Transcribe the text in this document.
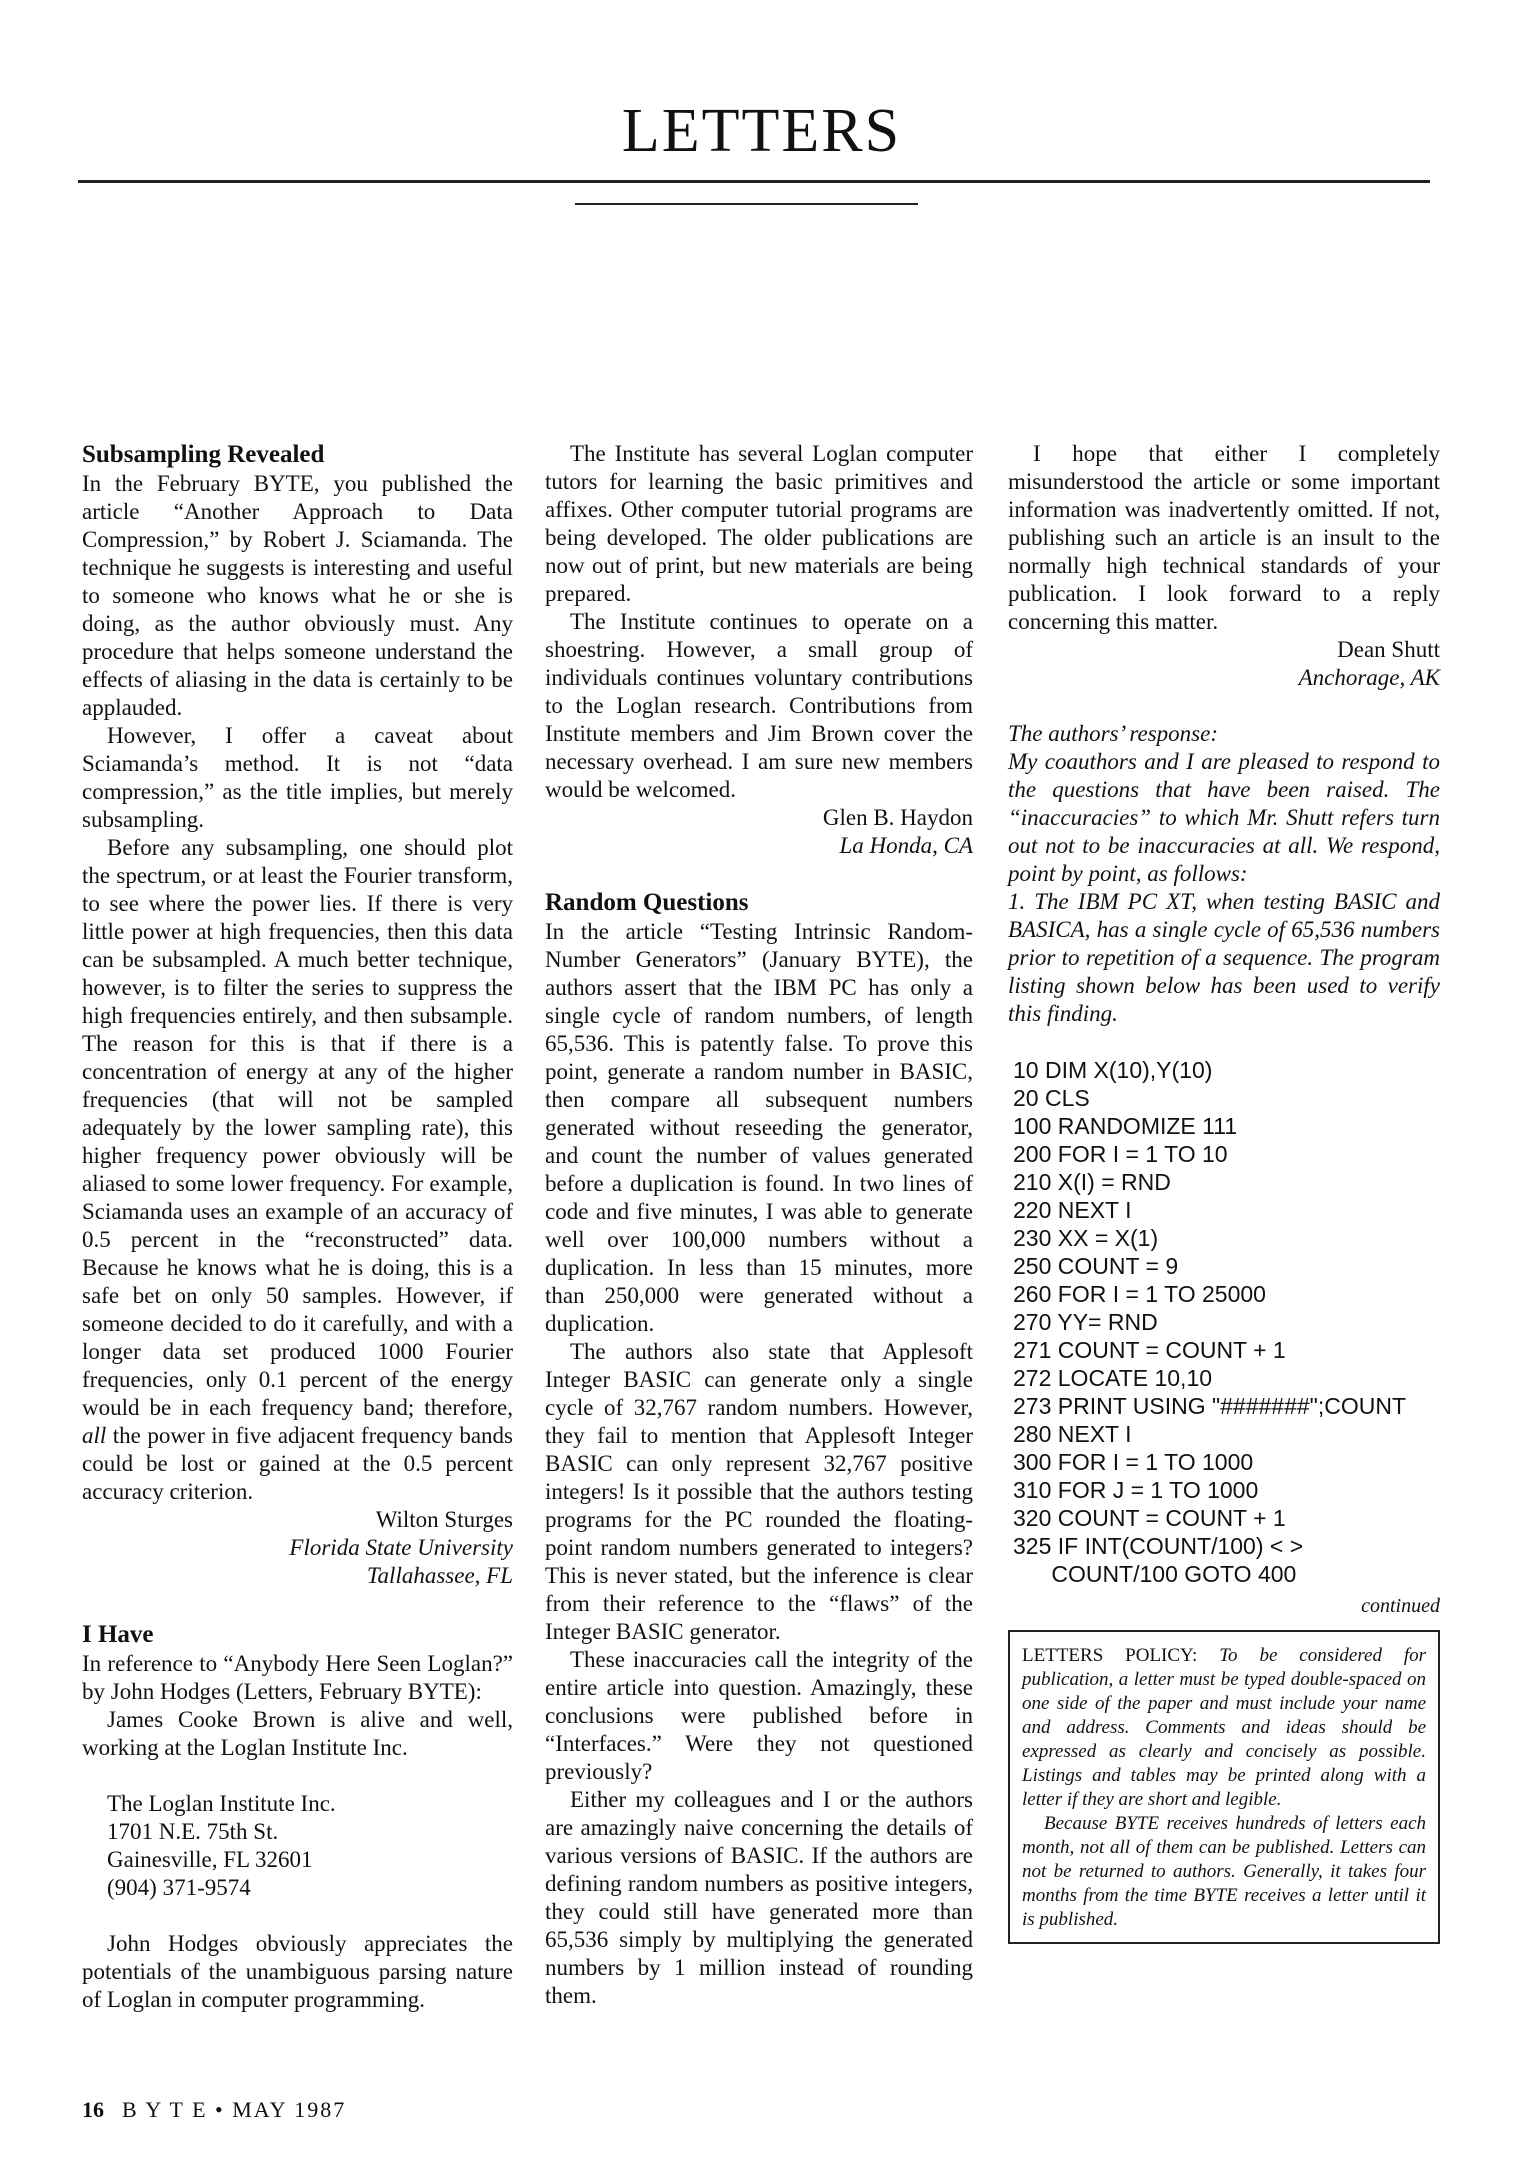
LETTERS
Subsampling Revealed

In the February BYTE, you published the article “Another Approach to Data Compression,” by Robert J. Sciamanda. The technique he suggests is interesting and useful to someone who knows what he or she is doing, as the author obviously must. Any procedure that helps someone understand the effects of aliasing in the data is certainly to be applauded.

However, I offer a caveat about Sciamanda’s method. It is not “data compression,” as the title implies, but merely subsampling.

Before any subsampling, one should plot the spectrum, or at least the Fourier transform, to see where the power lies. If there is very little power at high frequencies, then this data can be subsampled. A much better technique, however, is to filter the series to suppress the high frequencies entirely, and then subsample. The reason for this is that if there is a concentration of energy at any of the higher frequencies (that will not be sampled adequately by the lower sampling rate), this higher frequency power obviously will be aliased to some lower frequency. For example, Sciamanda uses an example of an accuracy of 0.5 percent in the “reconstructed” data. Because he knows what he is doing, this is a safe bet on only 50 samples. However, if someone decided to do it carefully, and with a longer data set produced 1000 Fourier frequencies, only 0.1 percent of the energy would be in each frequency band; therefore, all the power in five adjacent frequency bands could be lost or gained at the 0.5 percent accuracy criterion.

Wilton Sturges

Florida State University

Tallahassee, FL

I Have

In reference to “Anybody Here Seen Loglan?” by John Hodges (Letters, February BYTE):

James Cooke Brown is alive and well, working at the Loglan Institute Inc.

The Loglan Institute Inc.
1701 N.E. 75th St.
Gainesville, FL 32601
(904) 371-9574

John Hodges obviously appreciates the potentials of the unambiguous parsing nature of Loglan in computer programming.

The Institute has several Loglan computer tutors for learning the basic primitives and affixes. Other computer tutorial programs are being developed. The older publications are now out of print, but new materials are being prepared.

The Institute continues to operate on a shoestring. However, a small group of individuals continues voluntary contributions to the Loglan research. Contributions from Institute members and Jim Brown cover the necessary overhead. I am sure new members would be welcomed.

Glen B. Haydon

La Honda, CA

Random Questions

In the article “Testing Intrinsic Random-Number Generators” (January BYTE), the authors assert that the IBM PC has only a single cycle of random numbers, of length 65,536. This is patently false. To prove this point, generate a random number in BASIC, then compare all subsequent numbers generated without reseeding the generator, and count the number of values generated before a duplication is found. In two lines of code and five minutes, I was able to generate well over 100,000 numbers without a duplication. In less than 15 minutes, more than 250,000 were generated without a duplication.

The authors also state that Applesoft Integer BASIC can generate only a single cycle of 32,767 random numbers. However, they fail to mention that Applesoft Integer BASIC can only represent 32,767 positive integers! Is it possible that the authors testing programs for the PC rounded the floating-point random numbers generated to integers? This is never stated, but the inference is clear from their reference to the “flaws” of the Integer BASIC generator.

These inaccuracies call the integrity of the entire article into question. Amazingly, these conclusions were published before in “Interfaces.” Were they not questioned previously?

Either my colleagues and I or the authors are amazingly naive concerning the details of various versions of BASIC. If the authors are defining random numbers as positive integers, they could still have generated more than 65,536 simply by multiplying the generated numbers by 1 million instead of rounding them.

I hope that either I completely misunderstood the article or some important information was inadvertently omitted. If not, publishing such an article is an insult to the normally high technical standards of your publication. I look forward to a reply concerning this matter.

Dean Shutt

Anchorage, AK

The authors’ response:

My coauthors and I are pleased to respond to the questions that have been raised. The “inaccuracies” to which Mr. Shutt refers turn out not to be inaccuracies at all. We respond, point by point, as follows:

1. The IBM PC XT, when testing BASIC and BASICA, has a single cycle of 65,536 numbers prior to repetition of a sequence. The program listing shown below has been used to verify this finding.

10 DIM X(10),Y(10)
20 CLS
100 RANDOMIZE 111
200 FOR I = 1 TO 10
210 X(I) = RND
220 NEXT I
230 XX = X(1)
250 COUNT = 9
260 FOR I = 1 TO 25000
270 YY= RND
271 COUNT = COUNT + 1
272 LOCATE 10,10
273 PRINT USING "#######";COUNT
280 NEXT I
300 FOR I = 1 TO 1000
310 FOR J = 1 TO 1000
320 COUNT = COUNT + 1
325 IF INT(COUNT/100) < >
COUNT/100 GOTO 400
continued

LETTERS POLICY: To be considered for publication, a letter must be typed double-spaced on one side of the paper and must include your name and address. Comments and ideas should be expressed as clearly and concisely as possible. Listings and tables may be printed along with a letter if they are short and legible.

Because BYTE receives hundreds of letters each month, not all of them can be published. Letters can not be returned to authors. Generally, it takes four months from the time BYTE receives a letter until it is published.

16 B Y T E • MAY 1987
